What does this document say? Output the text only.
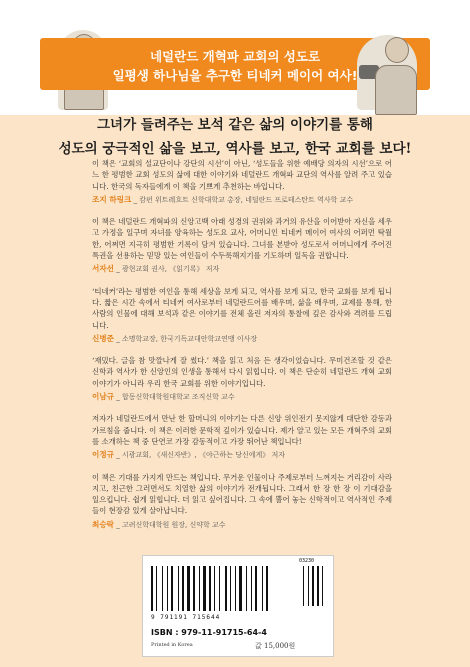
네덜란드 개혁파 교회의 성도로
일평생 하나님을 추구한 티네커 메이어 여사!
그녀가 들려주는 보석 같은 삶의 이야기를 통해
성도의 궁극적인 삶을 보고, 역사를 보고, 한국 교회를 보다!

이 책은 ‘교회의 설교단이나 강단의 시선’이 아닌, ‘성도들을 위한 예배당 의자의 시선’으로 어느 한 평범한 교회 성도의 삶에 대한 이야기와 네덜란드 개혁파 교단의 역사를 알려 주고 있습니다. 한국의 독자들에게 이 책을 기쁘게 추천하는 바입니다.

조지 하링크 _ 캄펀 위트레흐트 신학대학교 총장, 네덜란드 프로테스탄트 역사학 교수

이 책은 네덜란드 개혁파의 신앙고백 아래 성경의 권위와 과거의 유산을 이어받아 자신을 세우고 가정을 일구며 자녀를 양육하는 성도요 교사, 어머니인 티네커 메이어 여사의 어퍼먼 탁월한, 어쩌면 지극히 평범한 기록이 담겨 있습니다. 그녀를 본받아 성도로서 어머니에게 주어진 특권을 선용하는 믿망 있는 여인들이 수두룩해지기를 기도하며 일독을 권합니다.

서자선 _ 광현교회 권사, 《읽기록》 저자

‘티네커’라는 평범한 여인을 통해 세상을 보게 되고, 역사를 보게 되고, 한국 교회를 보게 됩니다. 짧은 시간 속에서 티네커 여사로부터 네덜란드어를 배우며, 삶을 배우며, 교제를 통해, 한 사람의 인물에 대해 보석과 같은 이야기를 전체 올린 저자의 통찰에 깊은 감사와 격려를 드립니다.

신병준 _ 소명학교장, 한국기독교대안학교연맹 이사장

‘재밌다. 글을 참 맛깔나게 잘 썼다.’ 책을 읽고 처음 든 생각이었습니다. 무미건조할 것 같은 신학과 역사가 한 신앙인의 인생을 통해서 다시 읽힙니다. 이 책은 단순히 네덜란드 개혁 교회 이야기가 아니라 우리 한국 교회를 위한 이야기입니다.

이남규 _ 합동신학대학원대학교 조직신학 교수

저자가 네덜란드에서 만난 한 할머니의 이야기는 다른 신앙 위인전기 못지않게 대단한 감동과 가르침을 줍니다. 이 책은 이러한 문학적 깊이가 있습니다. 제가 알고 있는 모든 개혁주의 교회를 소개하는 책 중 단연코 가장 감동적이고 가장 뛰어난 책입니다!

이정규 _ 시광교회, 《새신자반》, 《야근하는 당신에게》 저자

이 책은 기대를 가지게 만드는 책입니다. 무거운 인물이나 주제로부터 느껴지는 거리감이 사라지고, 친근한 그러면서도 치열한 삶의 이야기가 전개됩니다. 그래서 한 장 한 장 이 기대감을 일으킵니다. 쉽게 읽힙니다. 더 읽고 싶어집니다. 그 속에 뿔어 놓는 신학적이고 역사적인 주제들이 현장감 있게 살아납니다.

최승락 _ 고려신학대학원 원장, 신약학 교수
03230
9 791191 715644
ISBN : 979-11-91715-64-4
Printed in Korea	값 15,000원
